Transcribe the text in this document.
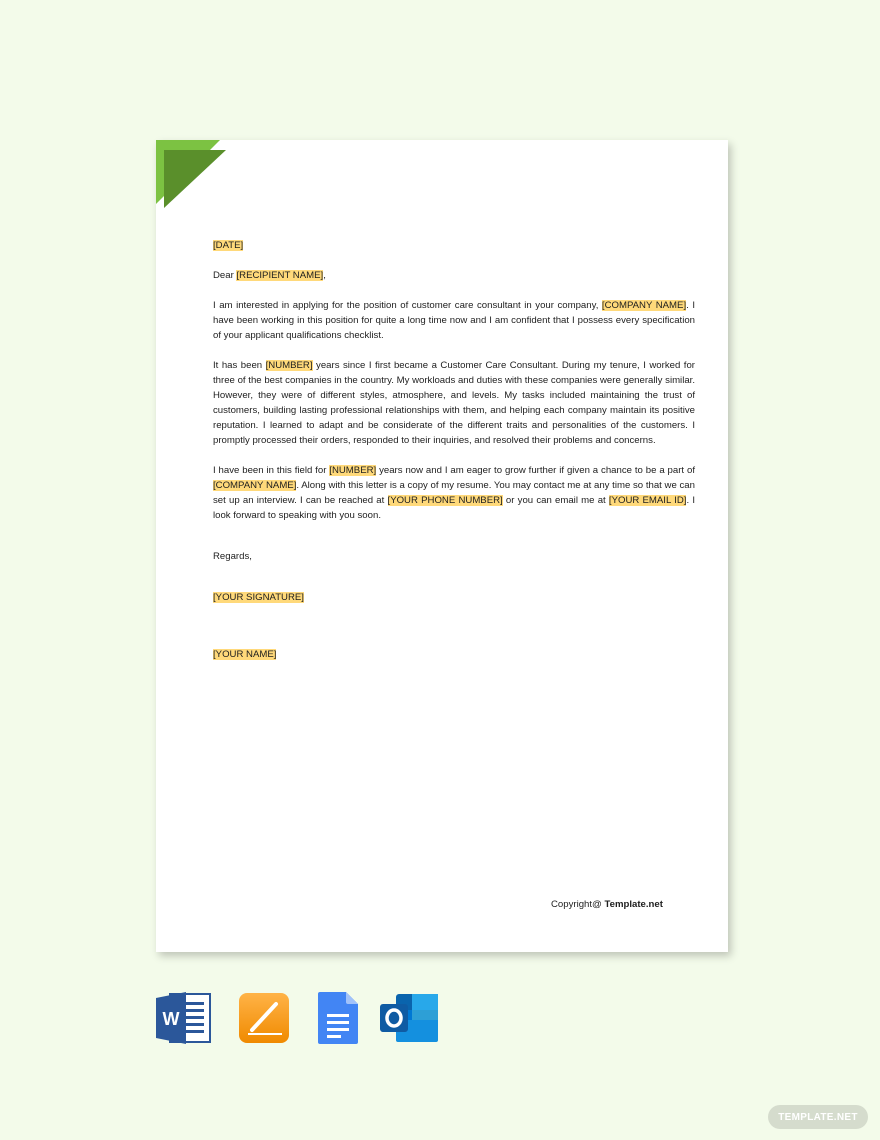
[DATE]

Dear [RECIPIENT NAME],

I am interested in applying for the position of customer care consultant in your company, [COMPANY NAME]. I have been working in this position for quite a long time now and I am confident that I possess every specification of your applicant qualifications checklist.

It has been [NUMBER] years since I first became a Customer Care Consultant. During my tenure, I worked for three of the best companies in the country. My workloads and duties with these companies were generally similar. However, they were of different styles, atmosphere, and levels. My tasks included maintaining the trust of customers, building lasting professional relationships with them, and helping each company maintain its positive reputation. I learned to adapt and be considerate of the different traits and personalities of the customers. I promptly processed their orders, responded to their inquiries, and resolved their problems and concerns.

I have been in this field for [NUMBER] years now and I am eager to grow further if given a chance to be a part of [COMPANY NAME]. Along with this letter is a copy of my resume. You may contact me at any time so that we can set up an interview. I can be reached at [YOUR PHONE NUMBER] or you can email me at [YOUR EMAIL ID]. I look forward to speaking with you soon.

Regards,

[YOUR SIGNATURE]

[YOUR NAME]

Copyright@ Template.net
W
TEMPLATE.NET
